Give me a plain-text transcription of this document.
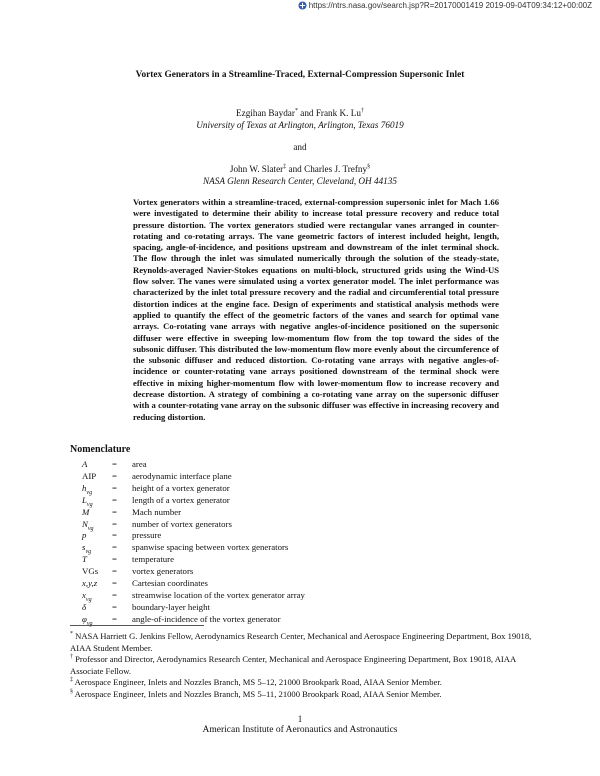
https://ntrs.nasa.gov/search.jsp?R=20170001419 2019-09-04T09:34:12+00:00Z
Vortex Generators in a Streamline-Traced, External-Compression Supersonic Inlet
Ezgihan Baydar* and Frank K. Lu†
University of Texas at Arlington, Arlington, Texas 76019
and
John W. Slater‡ and Charles J. Trefny§
NASA Glenn Research Center, Cleveland, OH 44135

Vortex generators within a streamline-traced, external-compression supersonic inlet for Mach 1.66 were investigated to determine their ability to increase total pressure recovery and reduce total pressure distortion. The vortex generators studied were rectangular vanes arranged in counter-rotating and co-rotating arrays. The vane geometric factors of interest included height, length, spacing, angle-of-incidence, and positions upstream and downstream of the inlet terminal shock. The flow through the inlet was simulated numerically through the solution of the steady-state, Reynolds-averaged Navier-Stokes equations on multi-block, structured grids using the Wind-US flow solver. The vanes were simulated using a vortex generator model. The inlet performance was characterized by the inlet total pressure recovery and the radial and circumferential total pressure distortion indices at the engine face. Design of experiments and statistical analysis methods were applied to quantify the effect of the geometric factors of the vanes and search for optimal vane arrays. Co-rotating vane arrays with negative angles-of-incidence positioned on the supersonic diffuser were effective in sweeping low-momentum flow from the top toward the sides of the subsonic diffuser. This distributed the low-momentum flow more evenly about the circumference of the subsonic diffuser and reduced distortion. Co-rotating vane arrays with negative angles-of-incidence or counter-rotating vane arrays positioned downstream of the terminal shock were effective in mixing higher-momentum flow with lower-momentum flow to increase recovery and decrease distortion. A strategy of combining a co-rotating vane array on the supersonic diffuser with a counter-rotating vane array on the subsonic diffuser was effective in increasing recovery and reducing distortion.

Nomenclature
A	=	area
AIP	=	aerodynamic interface plane
$h_{vg}$	=	height of a vortex generator
$L_{vg}$	=	length of a vortex generator
M	=	Mach number
$N_{vg}$	=	number of vortex generators
p	=	pressure
$s_{vg}$	=	spanwise spacing between vortex generators
T	=	temperature
VGs	=	vortex generators
x,y,z	=	Cartesian coordinates
$x_{vg}$	=	streamwise location of the vortex generator array
δ	=	boundary-layer height
$\varphi_{vg}$	=	angle-of-incidence of the vortex generator
* NASA Harriett G. Jenkins Fellow, Aerodynamics Research Center, Mechanical and Aerospace Engineering Department, Box 19018, AIAA Student Member.
† Professor and Director, Aerodynamics Research Center, Mechanical and Aerospace Engineering Department, Box 19018, AIAA Associate Fellow.
‡ Aerospace Engineer, Inlets and Nozzles Branch, MS 5–12, 21000 Brookpark Road, AIAA Senior Member.
§ Aerospace Engineer, Inlets and Nozzles Branch, MS 5–11, 21000 Brookpark Road, AIAA Senior Member.
1
American Institute of Aeronautics and Astronautics
